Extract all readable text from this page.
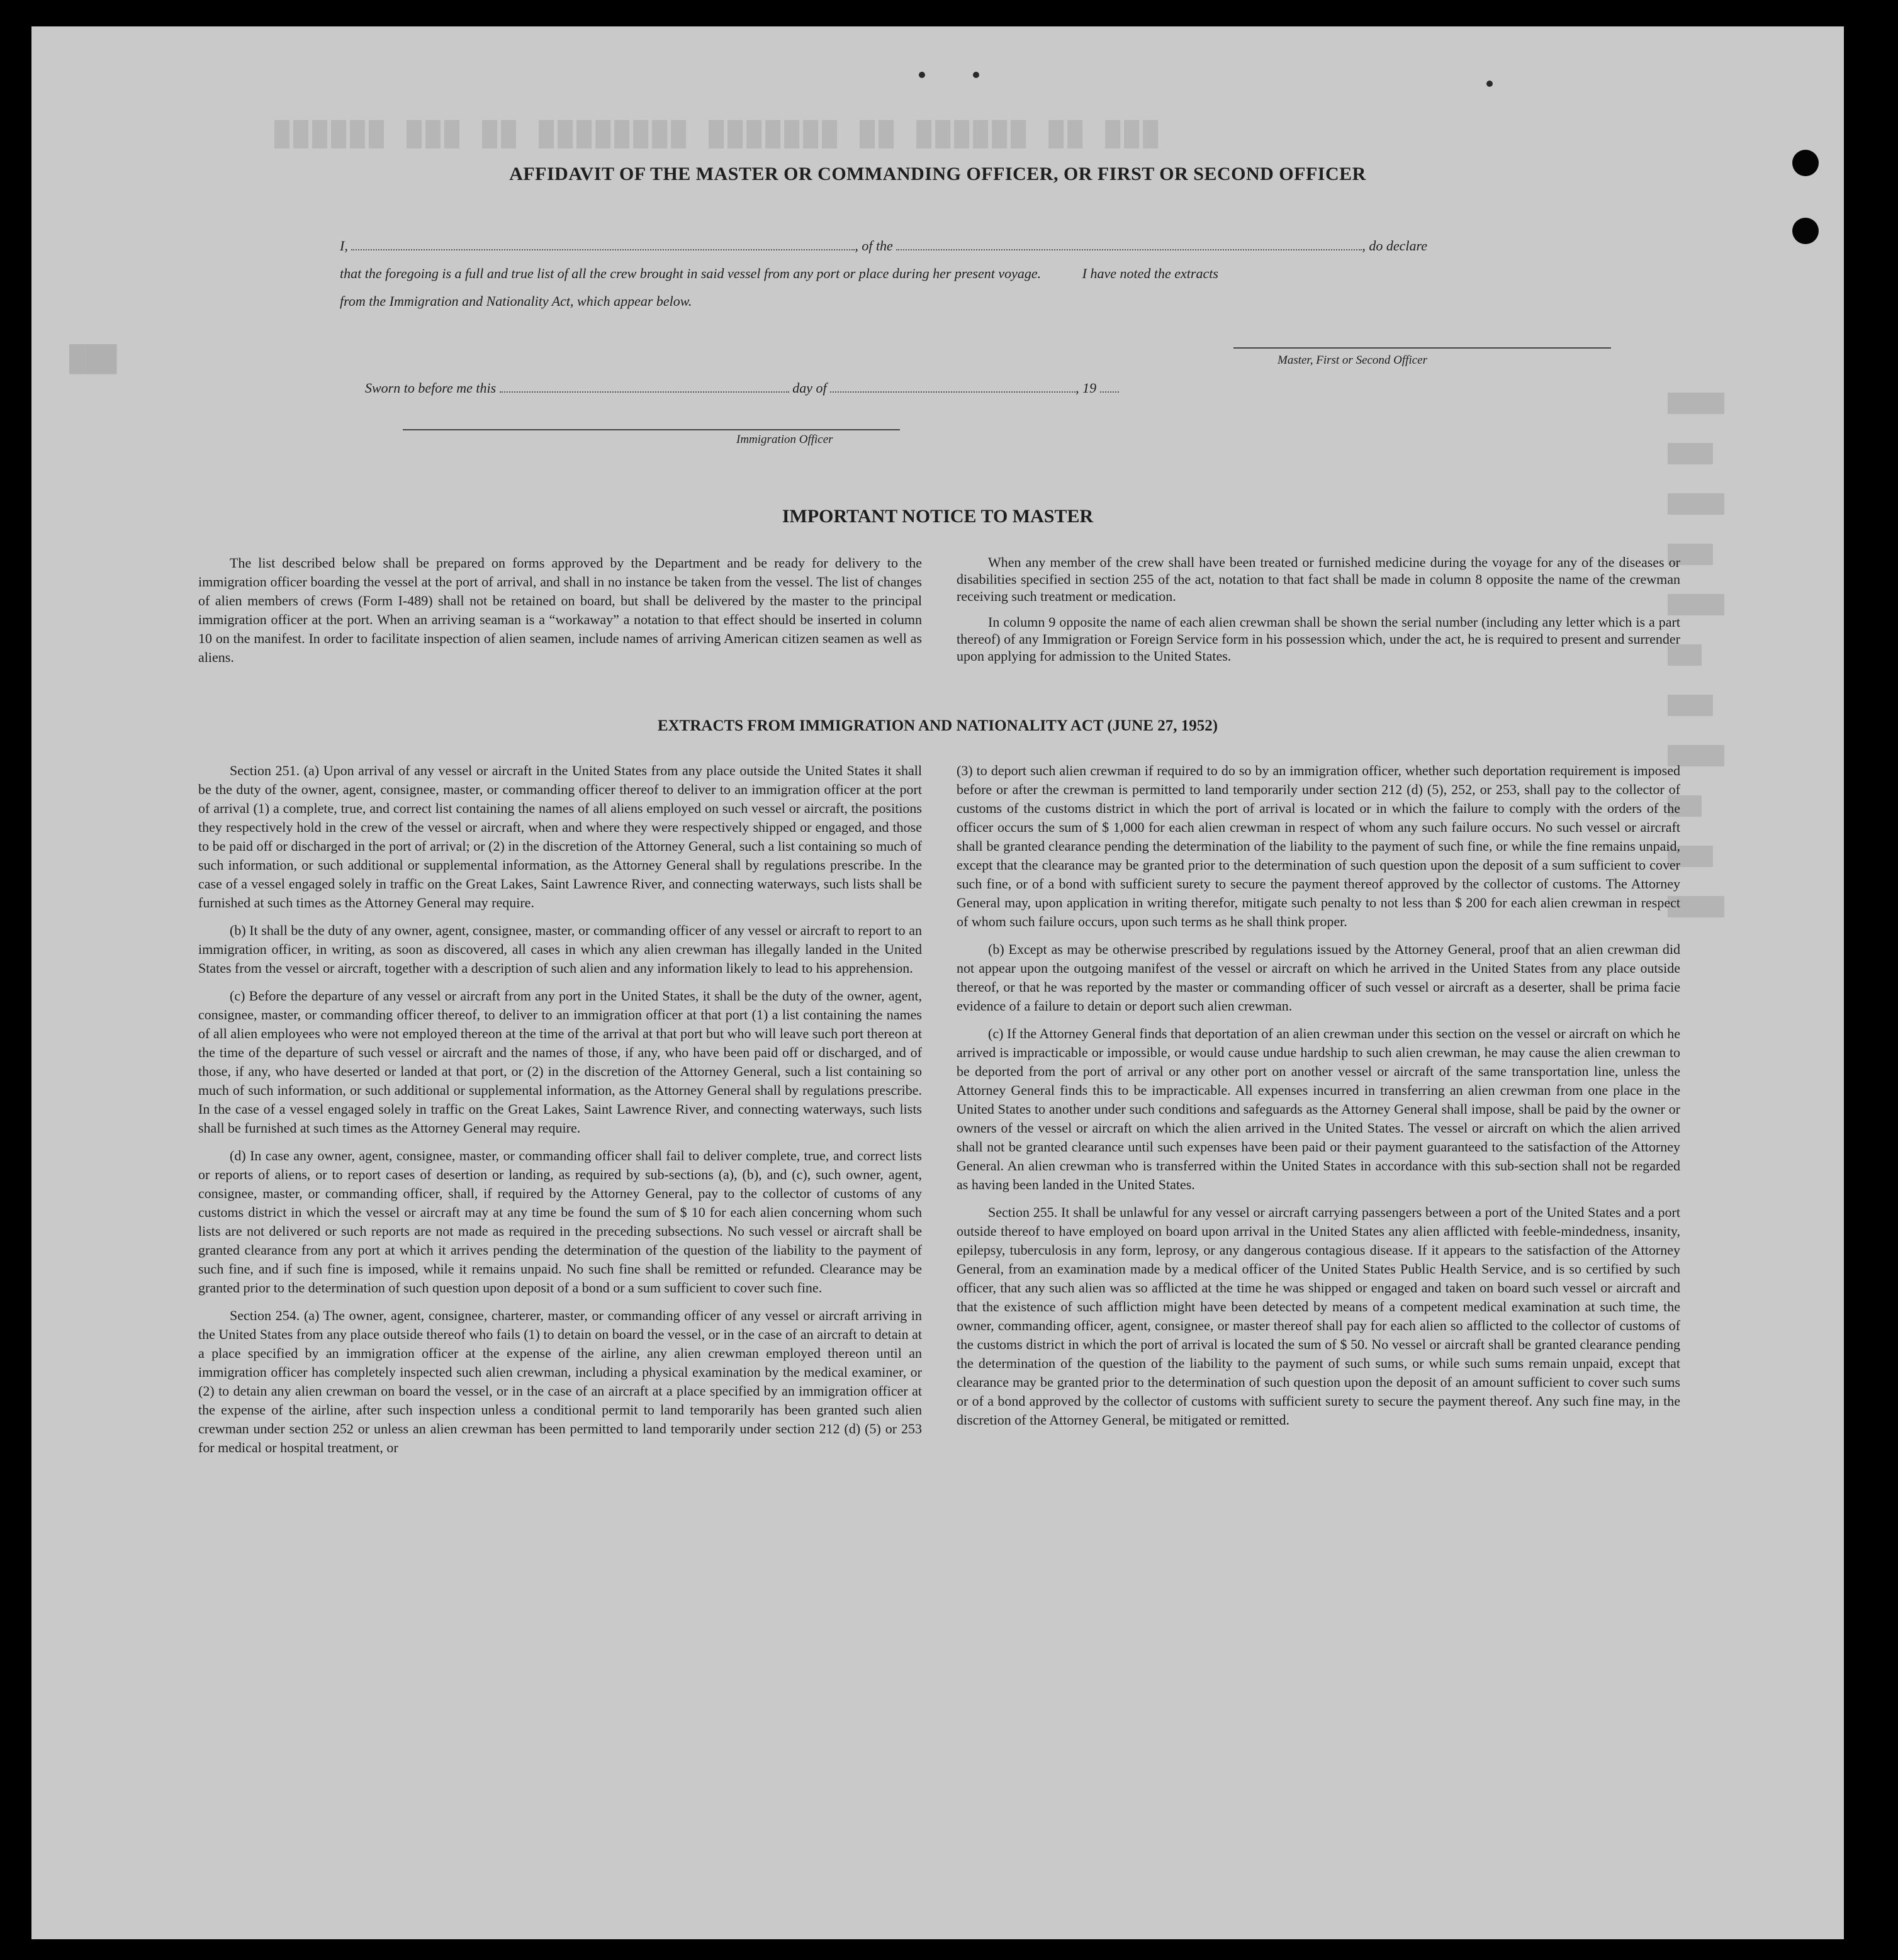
███ ██ ██████ ██ ███████ ████████ ██ ███ ██████
███
█████
████
█████
████
█████
███
████
█████
███
████
█████
AFFIDAVIT OF THE MASTER OR COMMANDING OFFICER, OR FIRST OR SECOND OFFICER
I,	, of the	, do declare
that the foregoing is a full and true list of all the crew brought in said vessel from any port or place during her present voyage.	I have noted the extracts
from the Immigration and Nationality Act, which appear below.
Master, First or Second Officer
Sworn to before me this	day of	, 19
Immigration Officer
IMPORTANT NOTICE TO MASTER

The list described below shall be prepared on forms approved by the Department and be ready for delivery to the immigration officer boarding the vessel at the port of arrival, and shall in no instance be taken from the vessel. The list of changes of alien members of crews (Form I-489) shall not be retained on board, but shall be delivered by the master to the principal immigration officer at the port. When an arriving seaman is a “workaway” a notation to that effect should be inserted in column 10 on the manifest. In order to facilitate inspection of alien seamen, include names of arriving American citizen seamen as well as aliens.

When any member of the crew shall have been treated or furnished medicine during the voyage for any of the diseases or disabilities specified in section 255 of the act, notation to that fact shall be made in column 8 opposite the name of the crewman receiving such treatment or medication.

In column 9 opposite the name of each alien crewman shall be shown the serial number (including any letter which is a part thereof) of any Immigration or Foreign Service form in his possession which, under the act, he is required to present and surrender upon applying for admission to the United States.

EXTRACTS FROM IMMIGRATION AND NATIONALITY ACT (JUNE 27, 1952)

Section 251. (a) Upon arrival of any vessel or aircraft in the United States from any place outside the United States it shall be the duty of the owner, agent, consignee, master, or commanding officer thereof to deliver to an immigration officer at the port of arrival (1) a complete, true, and correct list containing the names of all aliens employed on such vessel or aircraft, the positions they respectively hold in the crew of the vessel or aircraft, when and where they were respectively shipped or engaged, and those to be paid off or discharged in the port of arrival; or (2) in the discretion of the Attorney General, such a list containing so much of such information, or such additional or supplemental information, as the Attorney General shall by regulations prescribe. In the case of a vessel engaged solely in traffic on the Great Lakes, Saint Lawrence River, and connecting waterways, such lists shall be furnished at such times as the Attorney General may require.

(b) It shall be the duty of any owner, agent, consignee, master, or commanding officer of any vessel or aircraft to report to an immigration officer, in writing, as soon as discovered, all cases in which any alien crewman has illegally landed in the United States from the vessel or aircraft, together with a description of such alien and any information likely to lead to his apprehension.

(c) Before the departure of any vessel or aircraft from any port in the United States, it shall be the duty of the owner, agent, consignee, master, or commanding officer thereof, to deliver to an immigration officer at that port (1) a list containing the names of all alien employees who were not employed thereon at the time of the arrival at that port but who will leave such port thereon at the time of the departure of such vessel or aircraft and the names of those, if any, who have been paid off or discharged, and of those, if any, who have deserted or landed at that port, or (2) in the discretion of the Attorney General, such a list containing so much of such information, or such additional or supplemental information, as the Attorney General shall by regulations prescribe. In the case of a vessel engaged solely in traffic on the Great Lakes, Saint Lawrence River, and connecting waterways, such lists shall be furnished at such times as the Attorney General may require.

(d) In case any owner, agent, consignee, master, or commanding officer shall fail to deliver complete, true, and correct lists or reports of aliens, or to report cases of desertion or landing, as required by sub-sections (a), (b), and (c), such owner, agent, consignee, master, or commanding officer, shall, if required by the Attorney General, pay to the collector of customs of any customs district in which the vessel or aircraft may at any time be found the sum of $ 10 for each alien concerning whom such lists are not delivered or such reports are not made as required in the preceding subsections. No such vessel or aircraft shall be granted clearance from any port at which it arrives pending the determination of the question of the liability to the payment of such fine, and if such fine is imposed, while it remains unpaid. No such fine shall be remitted or refunded. Clearance may be granted prior to the determination of such question upon deposit of a bond or a sum sufficient to cover such fine.

Section 254. (a) The owner, agent, consignee, charterer, master, or commanding officer of any vessel or aircraft arriving in the United States from any place outside thereof who fails (1) to detain on board the vessel, or in the case of an aircraft to detain at a place specified by an immigration officer at the expense of the airline, any alien crewman employed thereon until an immigration officer has completely inspected such alien crewman, including a physical examination by the medical examiner, or (2) to detain any alien crewman on board the vessel, or in the case of an aircraft at a place specified by an immigration officer at the expense of the airline, after such inspection unless a conditional permit to land temporarily has been granted such alien crewman under section 252 or unless an alien crewman has been permitted to land temporarily under section 212 (d) (5) or 253 for medical or hospital treatment, or

(3) to deport such alien crewman if required to do so by an immigration officer, whether such deportation requirement is imposed before or after the crewman is permitted to land temporarily under section 212 (d) (5), 252, or 253, shall pay to the collector of customs of the customs district in which the port of arrival is located or in which the failure to comply with the orders of the officer occurs the sum of $ 1,000 for each alien crewman in respect of whom any such failure occurs. No such vessel or aircraft shall be granted clearance pending the determination of the liability to the payment of such fine, or while the fine remains unpaid, except that the clearance may be granted prior to the determination of such question upon the deposit of a sum sufficient to cover such fine, or of a bond with sufficient surety to secure the payment thereof approved by the collector of customs. The Attorney General may, upon application in writing therefor, mitigate such penalty to not less than $ 200 for each alien crewman in respect of whom such failure occurs, upon such terms as he shall think proper.

(b) Except as may be otherwise prescribed by regulations issued by the Attorney General, proof that an alien crewman did not appear upon the outgoing manifest of the vessel or aircraft on which he arrived in the United States from any place outside thereof, or that he was reported by the master or commanding officer of such vessel or aircraft as a deserter, shall be prima facie evidence of a failure to detain or deport such alien crewman.

(c) If the Attorney General finds that deportation of an alien crewman under this section on the vessel or aircraft on which he arrived is impracticable or impossible, or would cause undue hardship to such alien crewman, he may cause the alien crewman to be deported from the port of arrival or any other port on another vessel or aircraft of the same transportation line, unless the Attorney General finds this to be impracticable. All expenses incurred in transferring an alien crewman from one place in the United States to another under such conditions and safeguards as the Attorney General shall impose, shall be paid by the owner or owners of the vessel or aircraft on which the alien arrived in the United States. The vessel or aircraft on which the alien arrived shall not be granted clearance until such expenses have been paid or their payment guaranteed to the satisfaction of the Attorney General. An alien crewman who is transferred within the United States in accordance with this sub-section shall not be regarded as having been landed in the United States.

Section 255. It shall be unlawful for any vessel or aircraft carrying passengers between a port of the United States and a port outside thereof to have employed on board upon arrival in the United States any alien afflicted with feeble-mindedness, insanity, epilepsy, tuberculosis in any form, leprosy, or any dangerous contagious disease. If it appears to the satisfaction of the Attorney General, from an examination made by a medical officer of the United States Public Health Service, and is so certified by such officer, that any such alien was so afflicted at the time he was shipped or engaged and taken on board such vessel or aircraft and that the existence of such affliction might have been detected by means of a competent medical examination at such time, the owner, commanding officer, agent, consignee, or master thereof shall pay for each alien so afflicted to the collector of customs of the customs district in which the port of arrival is located the sum of $ 50. No vessel or aircraft shall be granted clearance pending the determination of the question of the liability to the payment of such sums, or while such sums remain unpaid, except that clearance may be granted prior to the determination of such question upon the deposit of an amount sufficient to cover such sums or of a bond approved by the collector of customs with sufficient surety to secure the payment thereof. Any such fine may, in the discretion of the Attorney General, be mitigated or remitted.
